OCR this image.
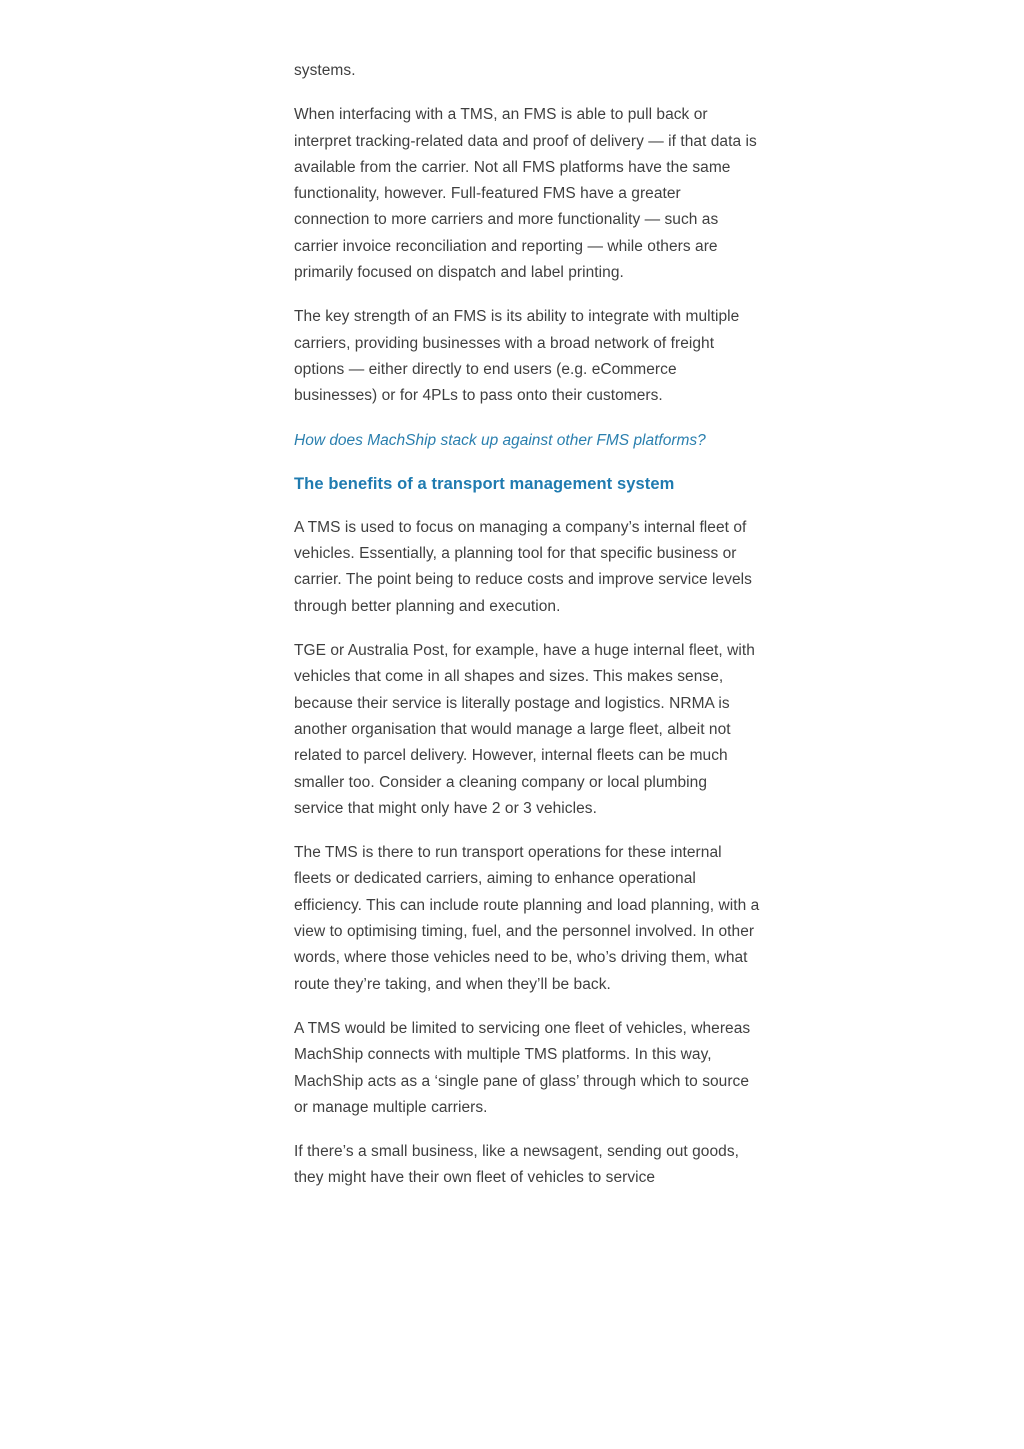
systems.

When interfacing with a TMS, an FMS is able to pull back or interpret tracking-related data and proof of delivery — if that data is available from the carrier. Not all FMS platforms have the same functionality, however. Full-featured FMS have a greater connection to more carriers and more functionality — such as carrier invoice reconciliation and reporting — while others are primarily focused on dispatch and label printing.

The key strength of an FMS is its ability to integrate with multiple carriers, providing businesses with a broad network of freight options — either directly to end users (e.g. eCommerce businesses) or for 4PLs to pass onto their customers.

How does MachShip stack up against other FMS platforms?
The benefits of a transport management system

A TMS is used to focus on managing a company’s internal fleet of vehicles. Essentially, a planning tool for that specific business or carrier. The point being to reduce costs and improve service levels through better planning and execution.

TGE or Australia Post, for example, have a huge internal fleet, with vehicles that come in all shapes and sizes. This makes sense, because their service is literally postage and logistics. NRMA is another organisation that would manage a large fleet, albeit not related to parcel delivery. However, internal fleets can be much smaller too. Consider a cleaning company or local plumbing service that might only have 2 or 3 vehicles.

The TMS is there to run transport operations for these internal fleets or dedicated carriers, aiming to enhance operational efficiency. This can include route planning and load planning, with a view to optimising timing, fuel, and the personnel involved. In other words, where those vehicles need to be, who’s driving them, what route they’re taking, and when they’ll be back.

A TMS would be limited to servicing one fleet of vehicles, whereas MachShip connects with multiple TMS platforms. In this way, MachShip acts as a ‘single pane of glass’ through which to source or manage multiple carriers.

If there’s a small business, like a newsagent, sending out goods, they might have their own fleet of vehicles to service
